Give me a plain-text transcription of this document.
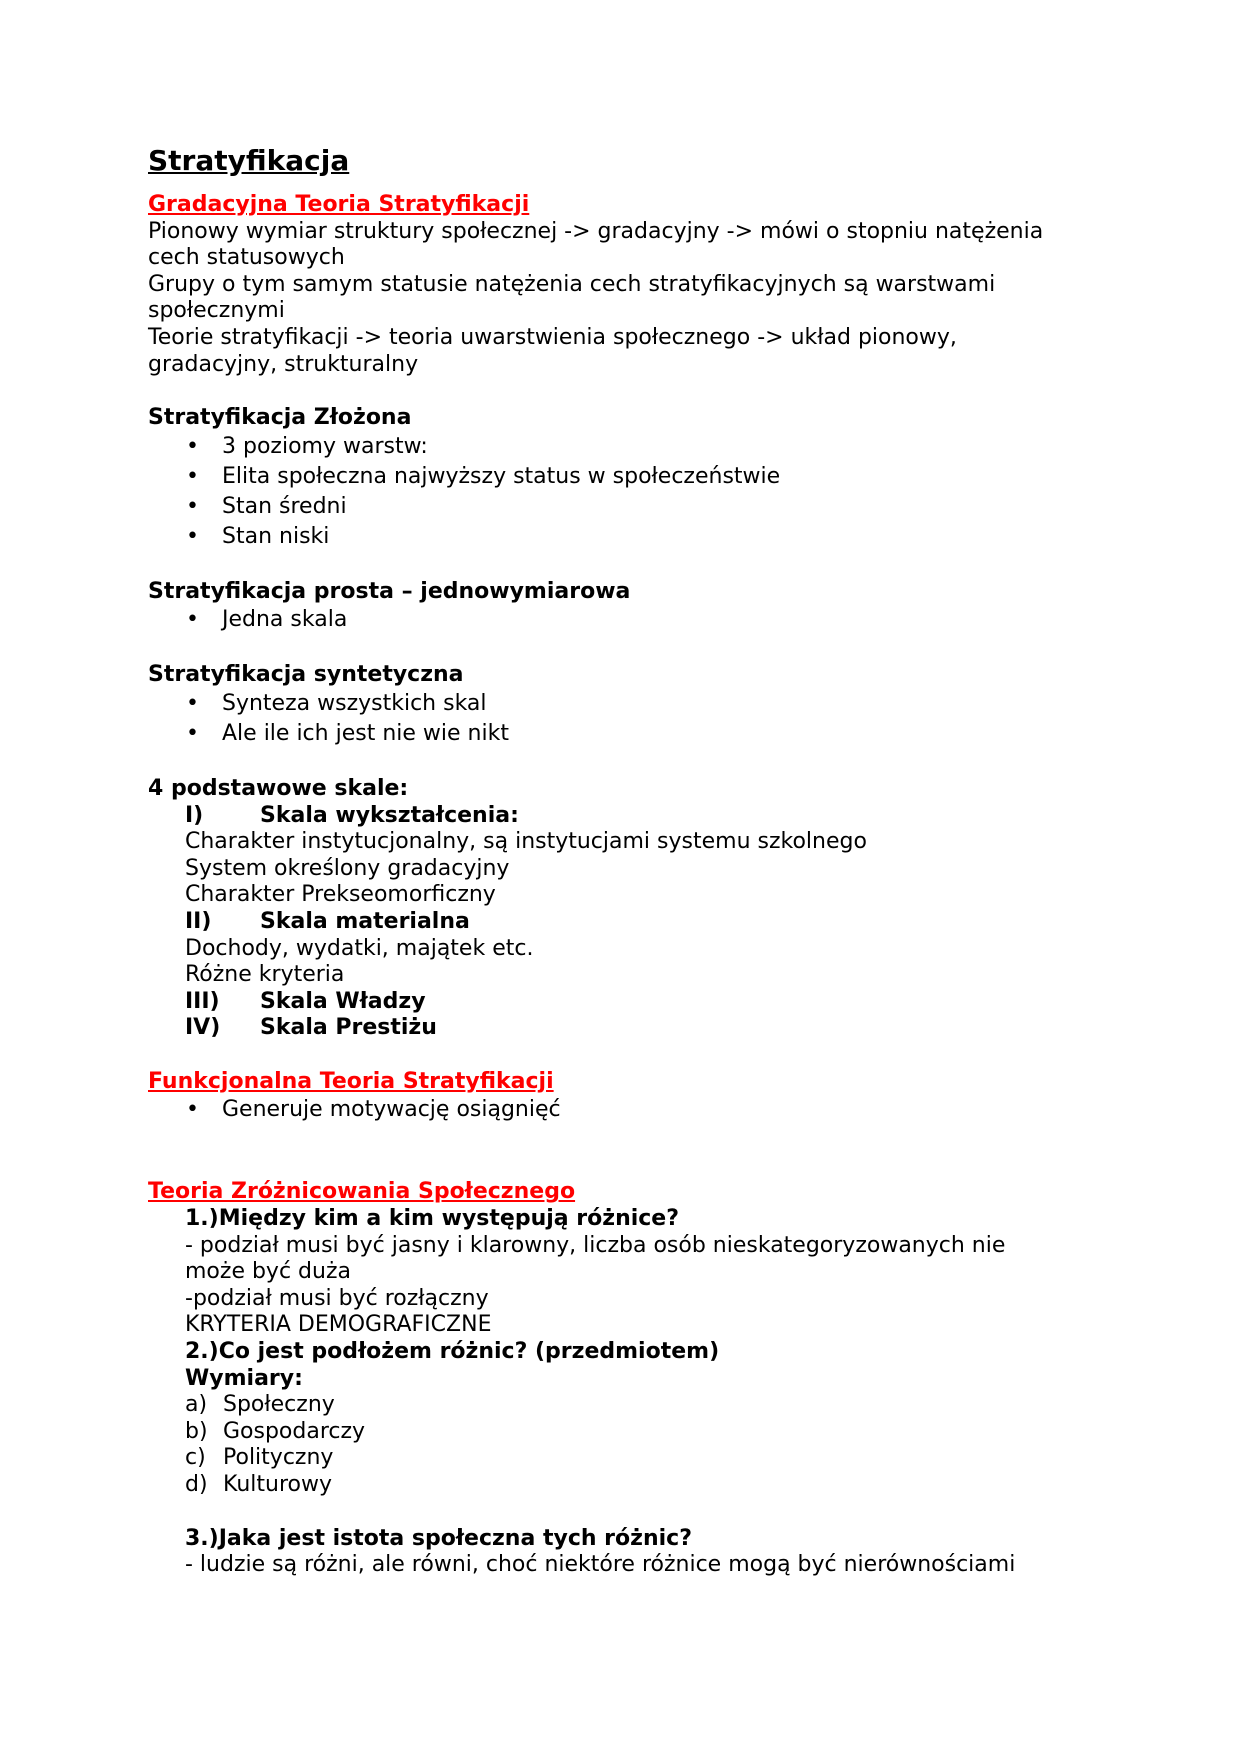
Stratyfikacja

Gradacyjna Teoria Stratyfikacji

Pionowy wymiar struktury społecznej -> gradacyjny -> mówi o stopniu natężenia

cech statusowych

Grupy o tym samym statusie natężenia cech stratyfikacyjnych są warstwami

społecznymi

Teorie stratyfikacji -> teoria uwarstwienia społecznego -> układ pionowy,

gradacyjny, strukturalny

Stratyfikacja Złożona

• 3 poziomy warstw:
• Elita społeczna najwyższy status w społeczeństwie
• Stan średni
• Stan niski

Stratyfikacja prosta – jednowymiarowa

• Jedna skala

Stratyfikacja syntetyczna

• Synteza wszystkich skal
• Ale ile ich jest nie wie nikt

4 podstawowe skale:

I)	Skala wykształcenia:

Charakter instytucjonalny, są instytucjami systemu szkolnego

System określony gradacyjny

Charakter Prekseomorficzny

II) Skala materialna

Dochody, wydatki, majątek etc.

Różne kryteria

III) Skala Władzy

IV) Skala Prestiżu

Funkcjonalna Teoria Stratyfikacji

• Generuje motywację osiągnięć

Teoria Zróżnicowania Społecznego

1.)Między kim a kim występują różnice?

- podział musi być jasny i klarowny, liczba osób nieskategoryzowanych nie

może być duża

-podział musi być rozłączny

KRYTERIA DEMOGRAFICZNE

2.)Co jest podłożem różnic? (przedmiotem)

Wymiary:

a) Społeczny

b) Gospodarczy

c) Polityczny

d) Kulturowy

3.)Jaka jest istota społeczna tych różnic?

- ludzie są różni, ale równi, choć niektóre różnice mogą być nierównościami
